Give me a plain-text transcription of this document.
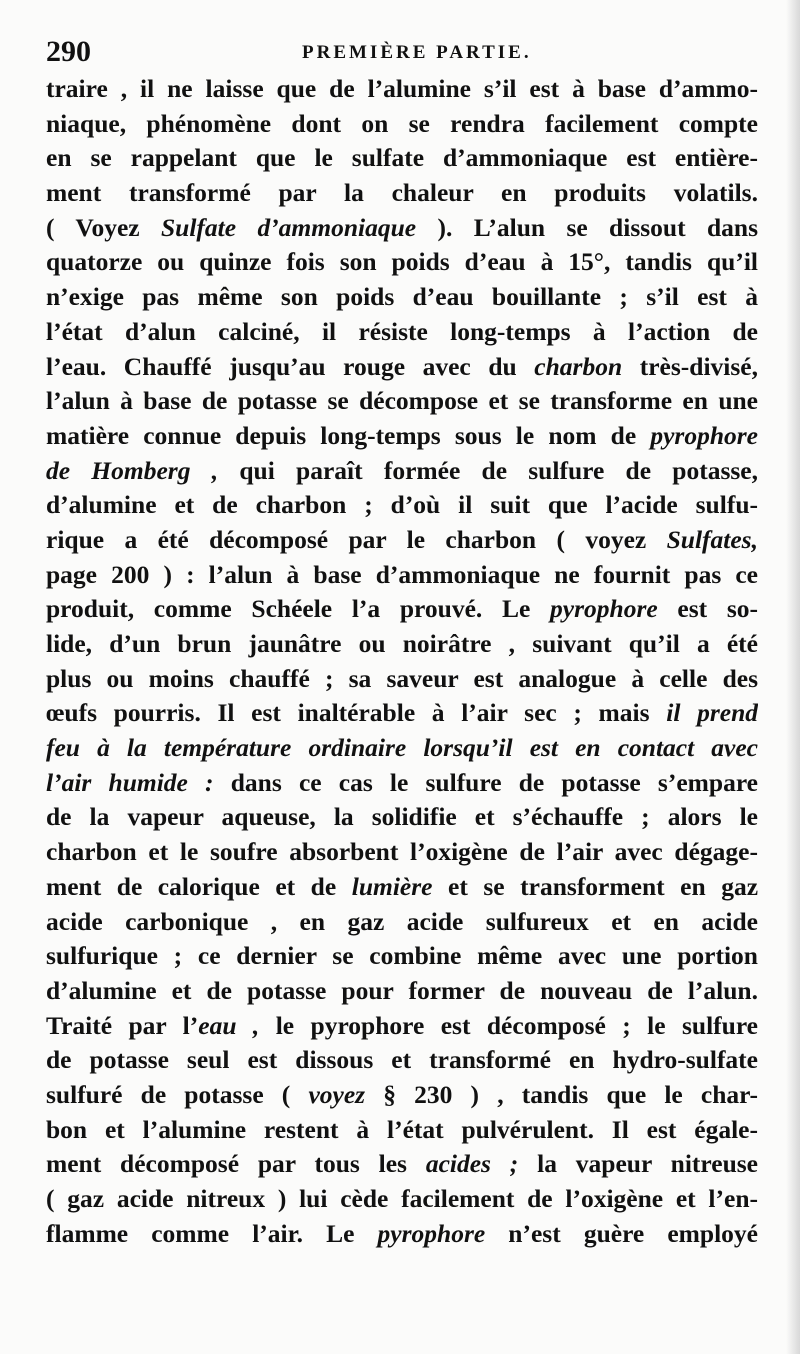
290	PREMIÈRE PARTIE.
traire , il ne laisse que de l’alumine s’il est à base d’ammo-
niaque, phénomène dont on se rendra facilement compte
en se rappelant que le sulfate d’ammoniaque est entière-
ment transformé par la chaleur en produits volatils.
( Voyez Sulfate d’ammoniaque ). L’alun se dissout dans
quatorze ou quinze fois son poids d’eau à 15°, tandis qu’il
n’exige pas même son poids d’eau bouillante ; s’il est à
l’état d’alun calciné, il résiste long-temps à l’action de
l’eau. Chauffé jusqu’au rouge avec du charbon très-divisé,
l’alun à base de potasse se décompose et se transforme en une
matière connue depuis long-temps sous le nom de pyrophore
de Homberg , qui paraît formée de sulfure de potasse,
d’alumine et de charbon ; d’où il suit que l’acide sulfu-
rique a été décomposé par le charbon ( voyez Sulfates,
page 200 ) : l’alun à base d’ammoniaque ne fournit pas ce
produit, comme Schéele l’a prouvé. Le pyrophore est so-
lide, d’un brun jaunâtre ou noirâtre , suivant qu’il a été
plus ou moins chauffé ; sa saveur est analogue à celle des
œufs pourris. Il est inaltérable à l’air sec ; mais il prend
feu à la température ordinaire lorsqu’il est en contact avec
l’air humide : dans ce cas le sulfure de potasse s’empare
de la vapeur aqueuse, la solidifie et s’échauffe ; alors le
charbon et le soufre absorbent l’oxigène de l’air avec dégage-
ment de calorique et de lumière et se transforment en gaz
acide carbonique , en gaz acide sulfureux et en acide
sulfurique ; ce dernier se combine même avec une portion
d’alumine et de potasse pour former de nouveau de l’alun.
Traité par l’eau , le pyrophore est décomposé ; le sulfure
de potasse seul est dissous et transformé en hydro-sulfate
sulfuré de potasse ( voyez § 230 ) , tandis que le char-
bon et l’alumine restent à l’état pulvérulent. Il est égale-
ment décomposé par tous les acides ; la vapeur nitreuse
( gaz acide nitreux ) lui cède facilement de l’oxigène et l’en-
flamme comme l’air. Le pyrophore n’est guère employé
